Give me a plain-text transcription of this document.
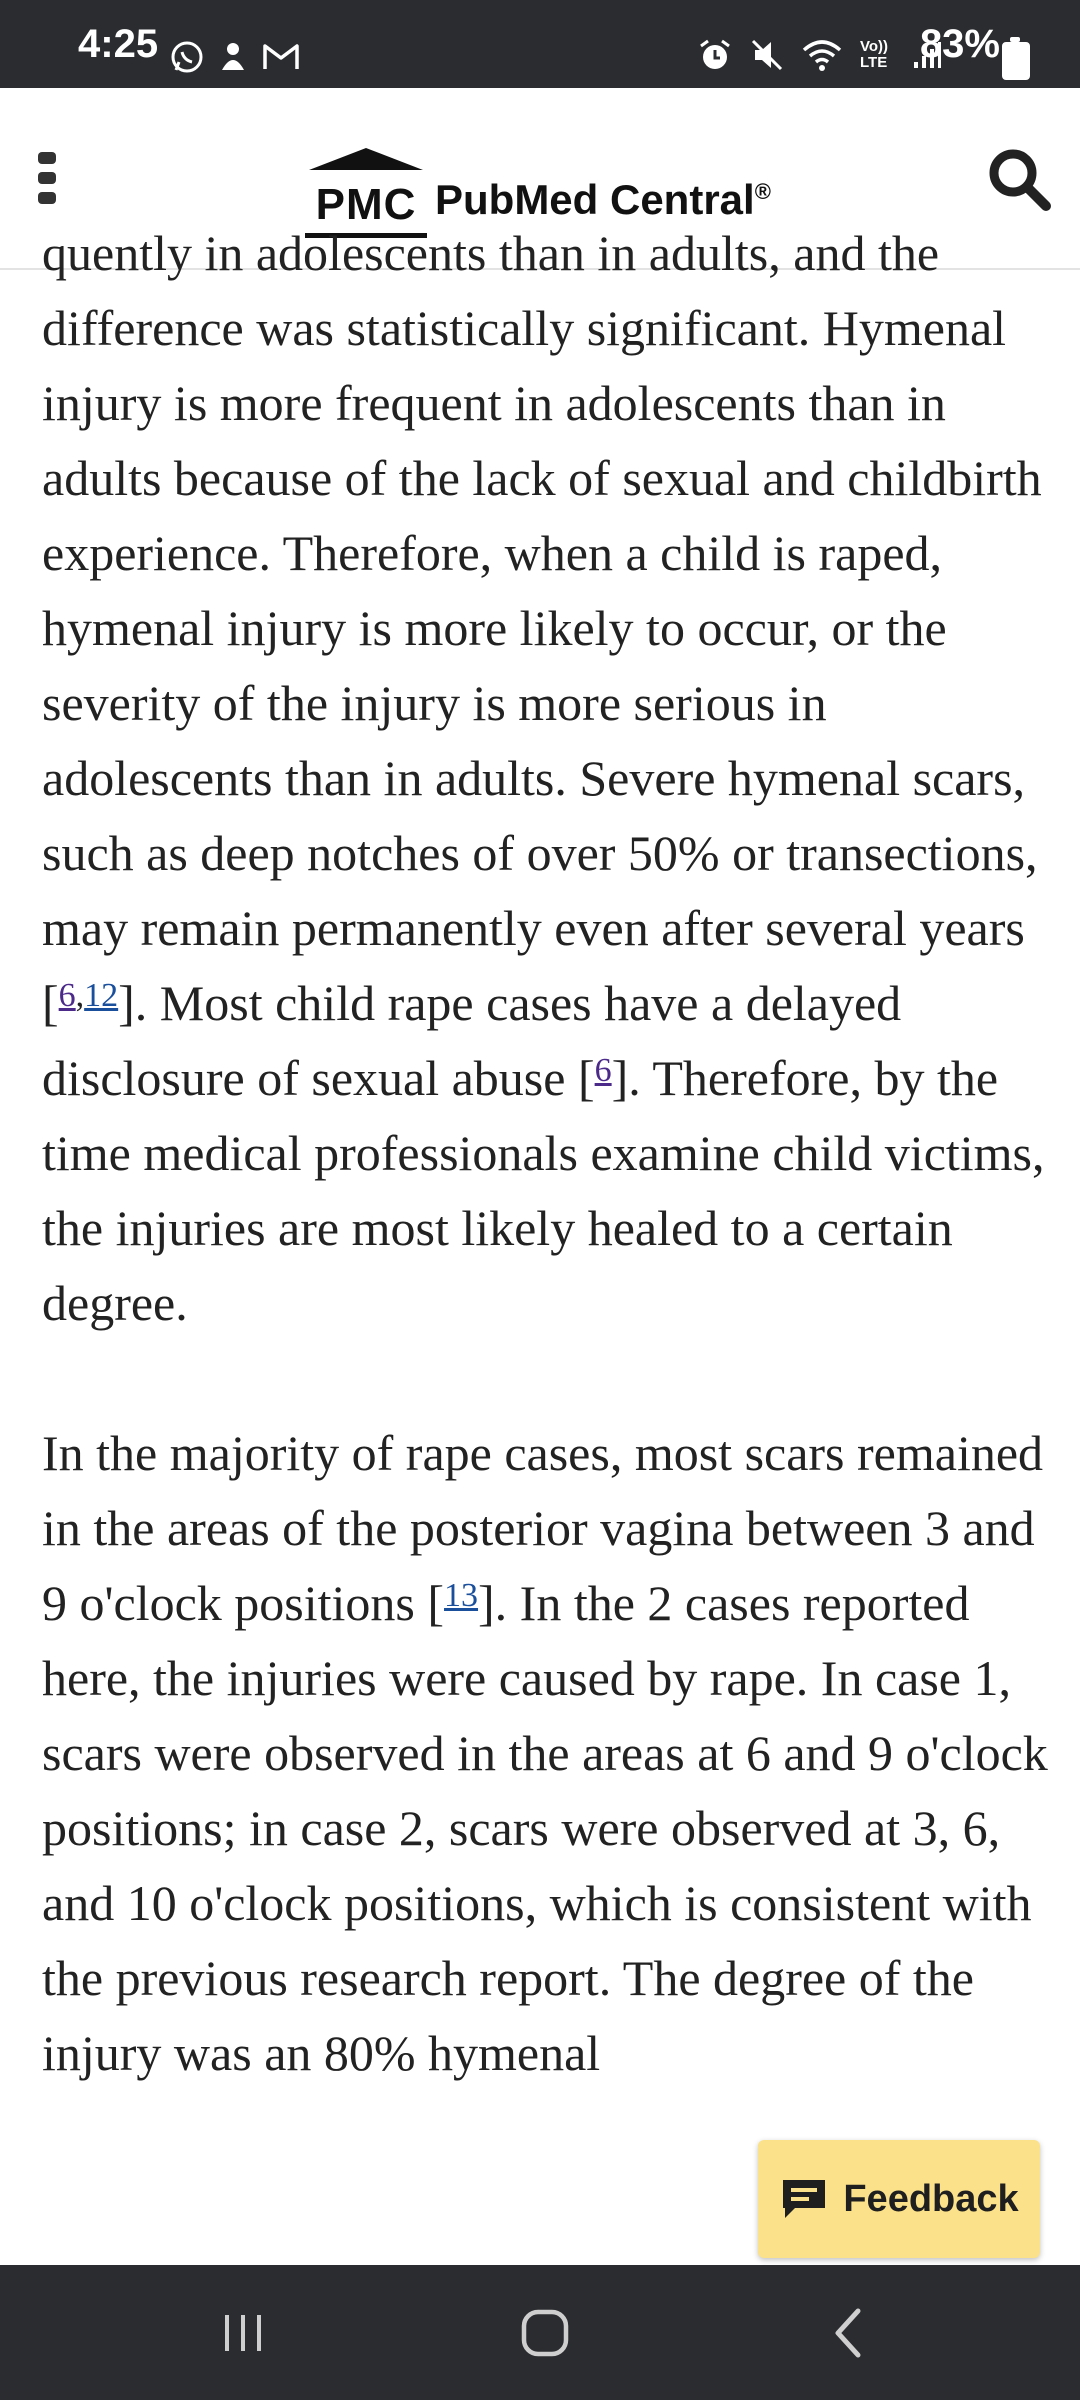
4:25	Vo)) LTE 83%
PMC PubMed Central®

quently in adolescents than in adults, and the difference was statistically significant. Hymenal injury is more frequent in adolescents than in adults because of the lack of sexual and childbirth experience. Therefore, when a child is raped, hymenal injury is more likely to occur, or the severity of the injury is more serious in adolescents than in adults. Severe hymenal scars, such as deep notches of over 50% or transections, may remain permanently even after several years [$^{6,12}$]. Most child rape cases have a delayed disclosure of sexual abuse [$^6$]. Therefore, by the time medical professionals examine child victims, the injuries are most likely healed to a certain degree.

In the majority of rape cases, most scars remained in the areas of the posterior vagina between 3 and 9 o'clock positions [$^{13}$]. In the 2 cases reported here, the injuries were caused by rape. In case 1, scars were observed in the areas at 6 and 9 o'clock positions; in case 2, scars were observed at 3, 6, and 10 o'clock positions, which is consistent with the previous research report. The degree of the injury was an 80% hymenal

Feedback
